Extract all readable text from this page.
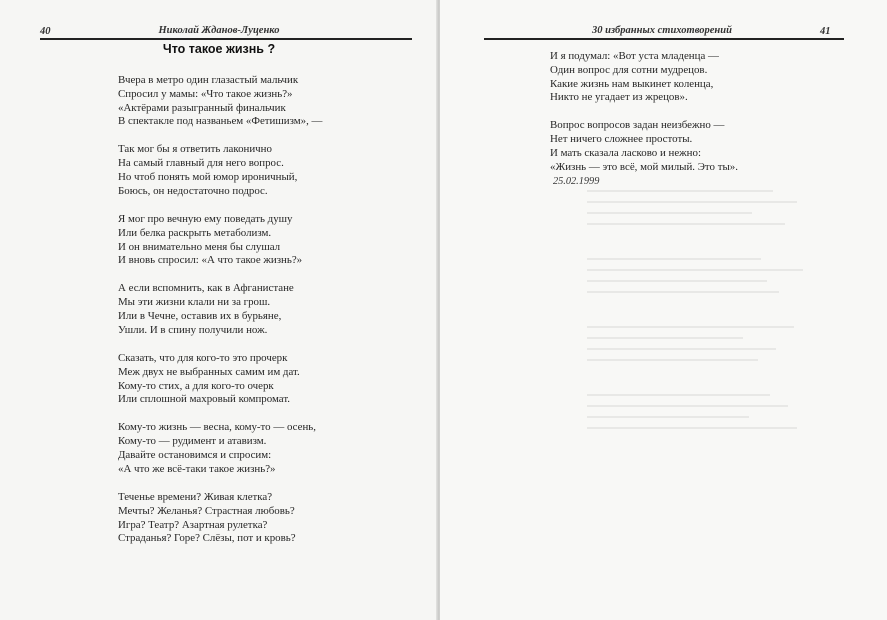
40	Николай Жданов-Луценко
Что такое жизнь ?
Вчера в метро один глазастый мальчик
Спросил у мамы: «Что такое жизнь?»
«Актёрами разыгранный финальчик
В спектакле под названьем «Фетишизм», —
Так мог бы я ответить лаконично
На самый главный для него вопрос.
Но чтоб понять мой юмор ироничный,
Боюсь, он недостаточно подрос.
Я мог про вечную ему поведать душу
Или белка раскрыть метаболизм.
И он внимательно меня бы слушал
И вновь спросил: «А что такое жизнь?»
А если вспомнить, как в Афганистане
Мы эти жизни клали ни за грош.
Или в Чечне, оставив их в бурьяне,
Ушли. И в спину получили нож.
Сказать, что для кого-то это прочерк
Меж двух не выбранных самим им дат.
Кому-то стих, а для кого-то очерк
Или сплошной махровый компромат.
Кому-то жизнь — весна, кому-то — осень,
Кому-то — рудимент и атавизм.
Давайте остановимся и спросим:
«А что же всё-таки такое жизнь?»
Теченье времени? Живая клетка?
Мечты? Желанья? Страстная любовь?
Игра? Театр? Азартная рулетка?
Страданья? Горе? Слёзы, пот и кровь?
30 избранных стихотворений	41
И я подумал: «Вот уста младенца —
Один вопрос для сотни мудрецов.
Какие жизнь нам выкинет коленца,
Никто не угадает из жрецов».
Вопрос вопросов задан неизбежно —
Нет ничего сложнее простоты.
И мать сказала ласково и нежно:
«Жизнь — это всё, мой милый. Это ты».
25.02.1999
